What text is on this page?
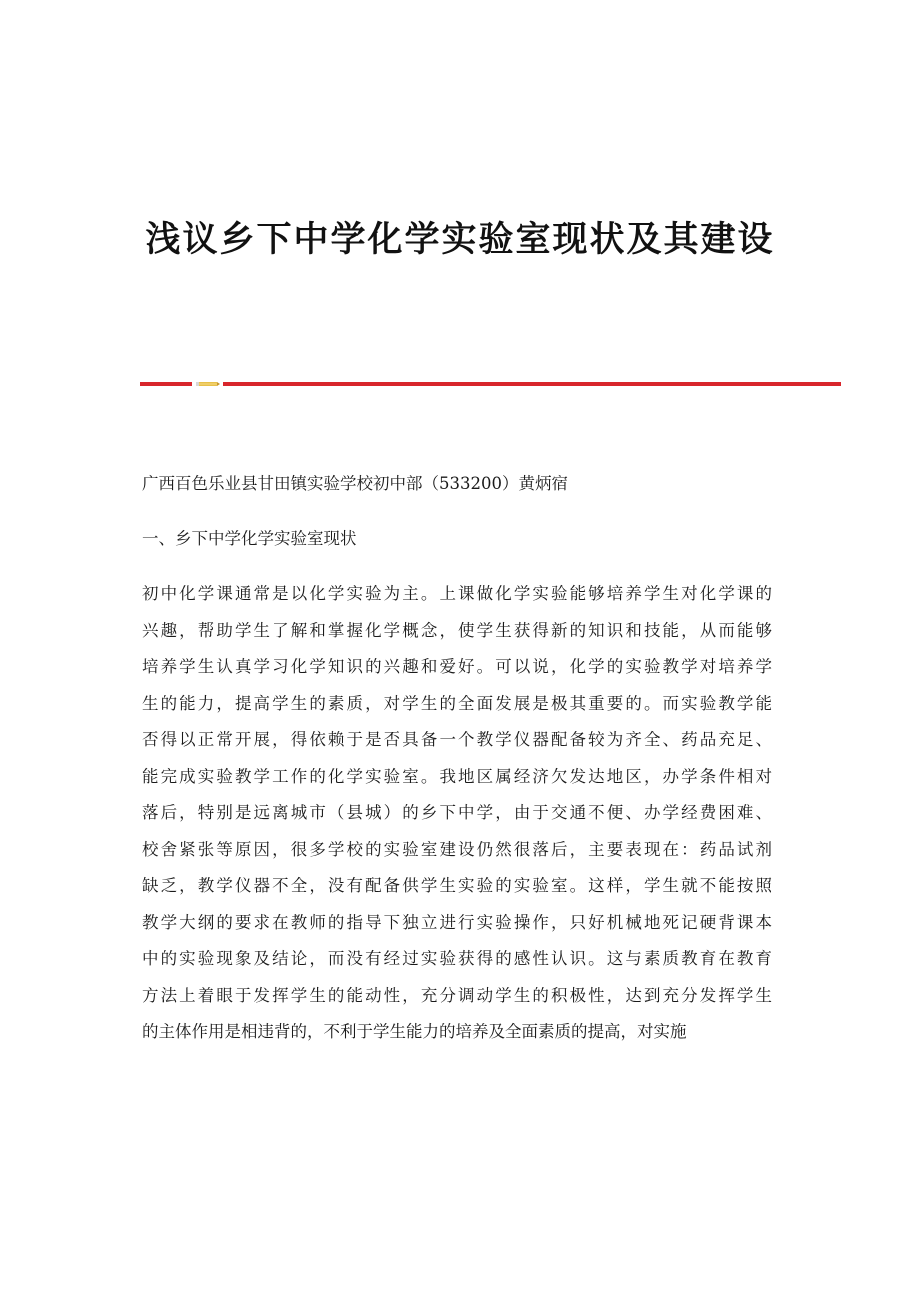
浅议乡下中学化学实验室现状及其建设

广西百色乐业县甘田镇实验学校初中部（533200）黄炳宿

一、乡下中学化学实验室现状

初中化学课通常是以化学实验为主。上课做化学实验能够培养学生对化学课的
兴趣，帮助学生了解和掌握化学概念，使学生获得新的知识和技能，从而能够
培养学生认真学习化学知识的兴趣和爱好。可以说，化学的实验教学对培养学
生的能力，提高学生的素质，对学生的全面发展是极其重要的。而实验教学能
否得以正常开展，得依赖于是否具备一个教学仪器配备较为齐全、药品充足、
能完成实验教学工作的化学实验室。我地区属经济欠发达地区，办学条件相对
落后，特别是远离城市（县城）的乡下中学，由于交通不便、办学经费困难、
校舍紧张等原因，很多学校的实验室建设仍然很落后，主要表现在：药品试剂
缺乏，教学仪器不全，没有配备供学生实验的实验室。这样，学生就不能按照
教学大纲的要求在教师的指导下独立进行实验操作，只好机械地死记硬背课本
中的实验现象及结论，而没有经过实验获得的感性认识。这与素质教育在教育
方法上着眼于发挥学生的能动性，充分调动学生的积极性，达到充分发挥学生
的主体作用是相违背的，不利于学生能力的培养及全面素质的提高，对实施
